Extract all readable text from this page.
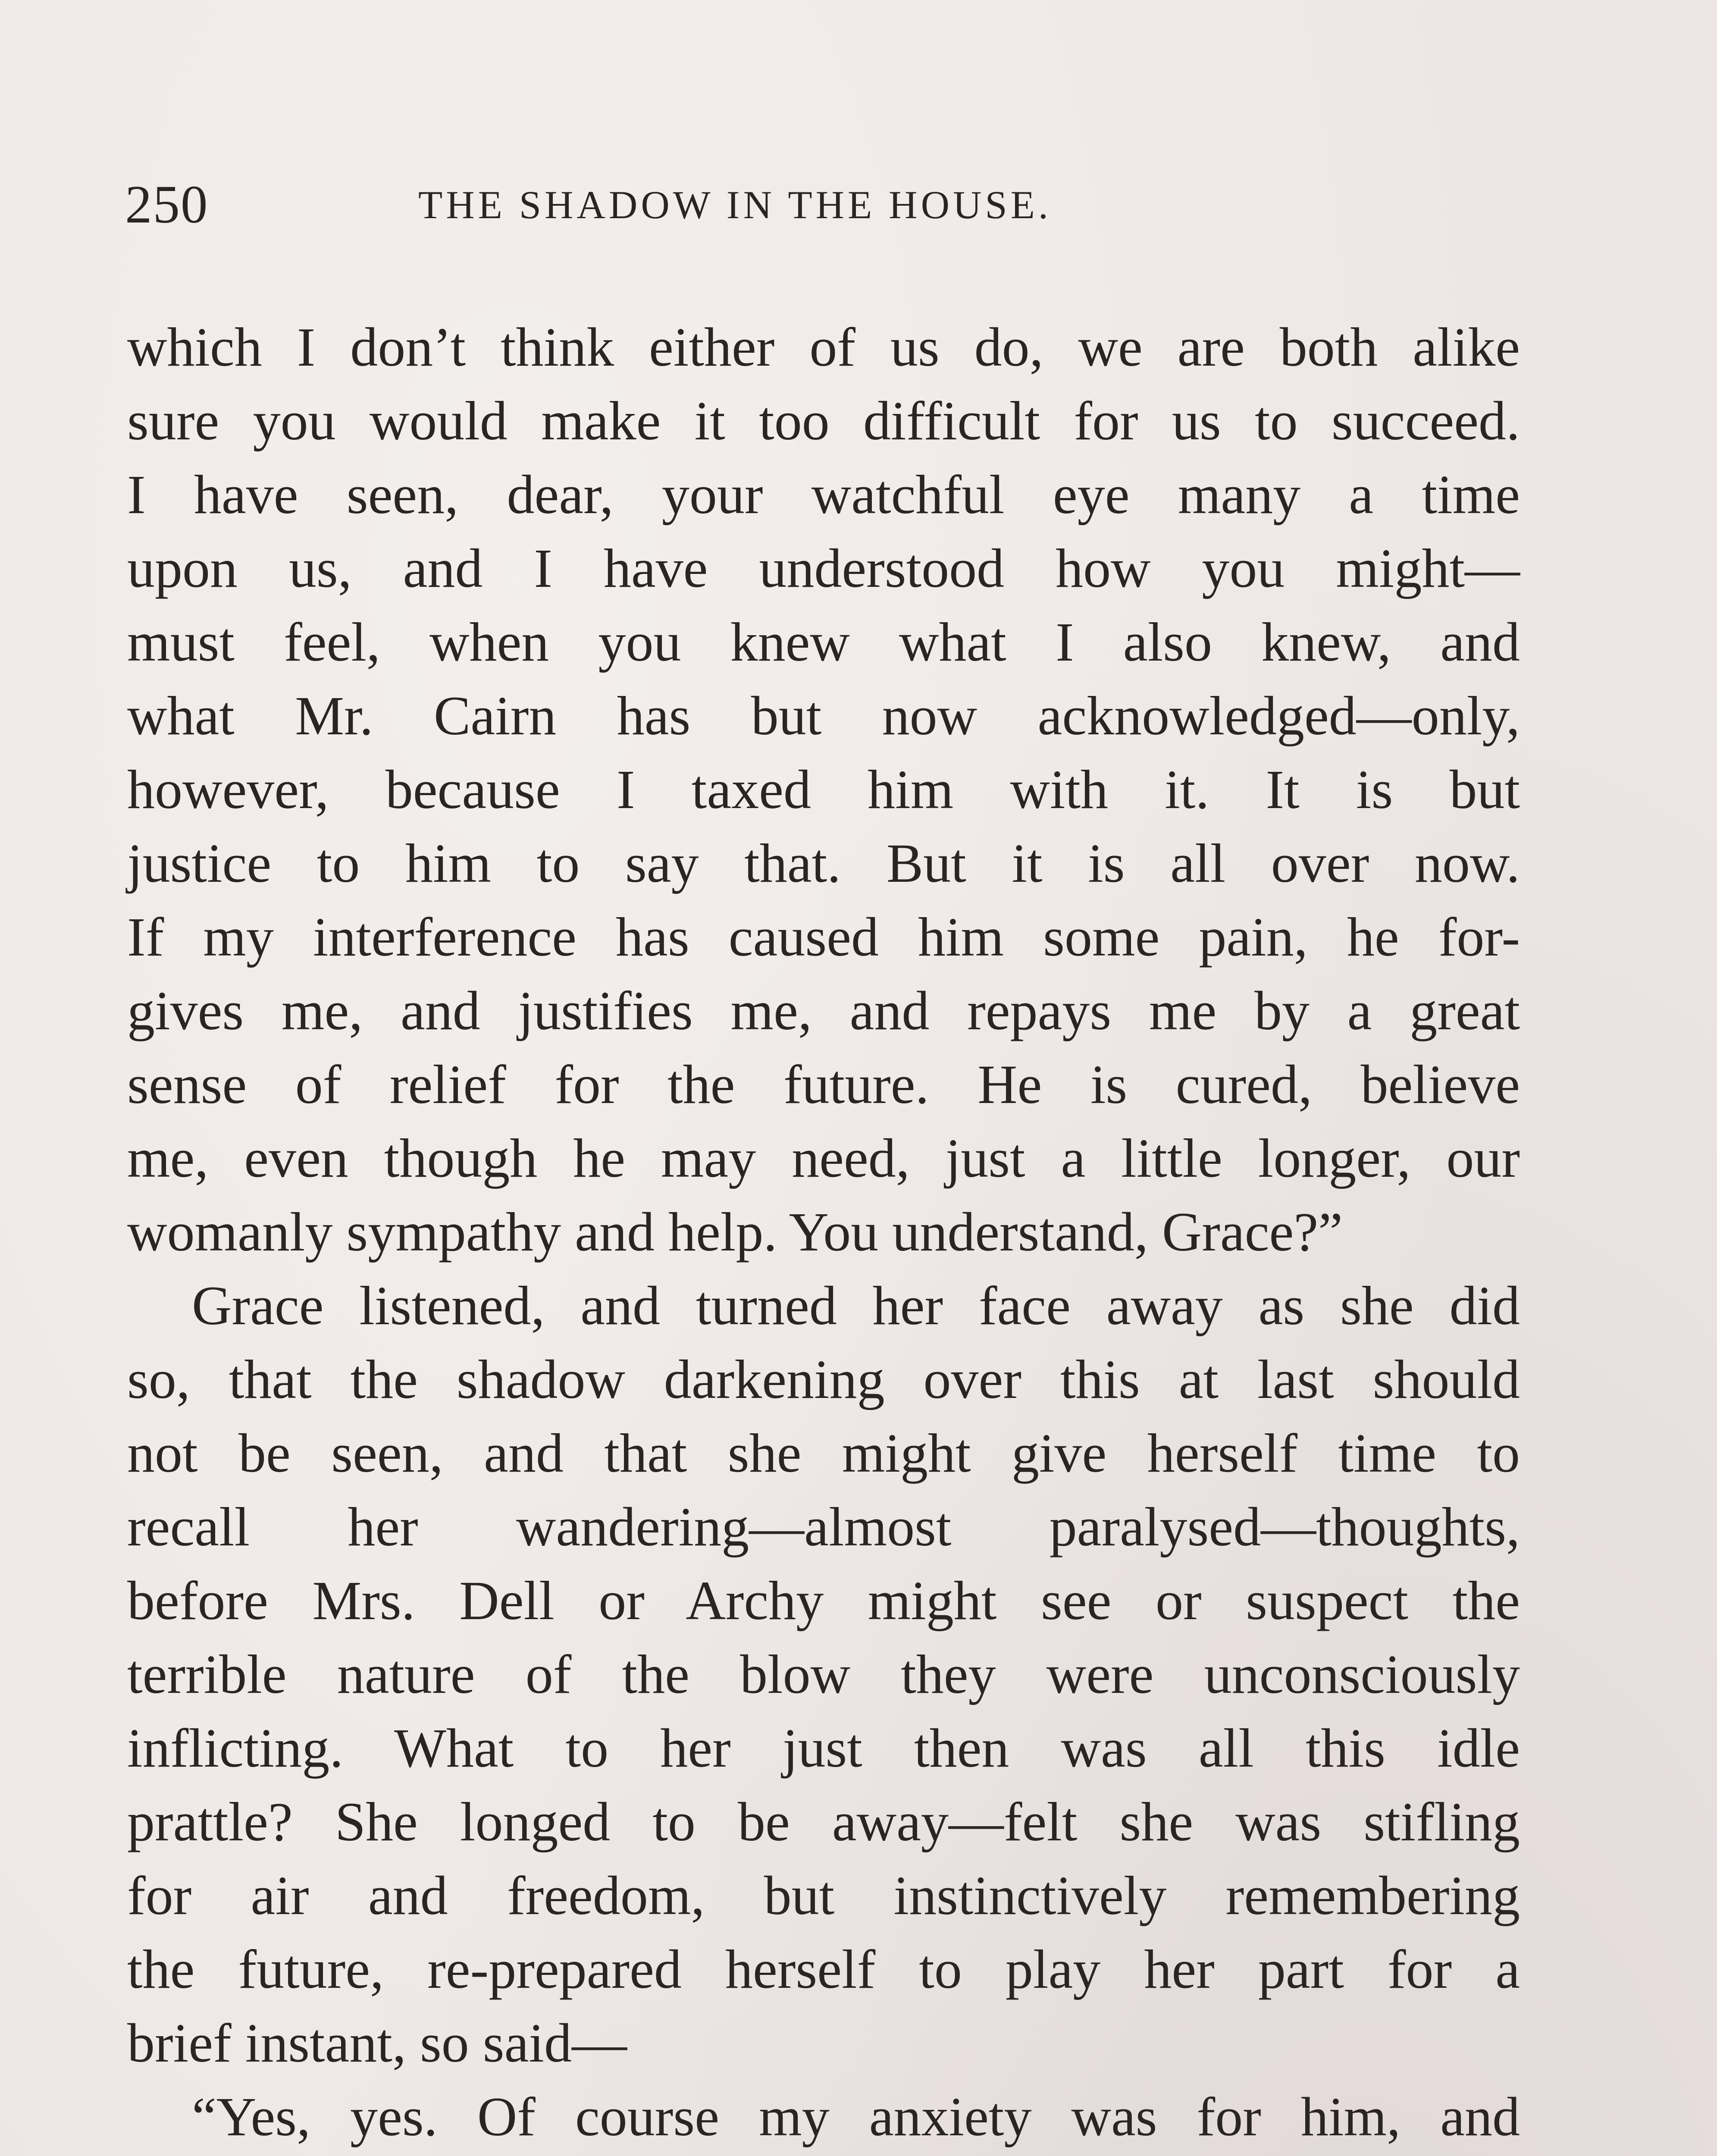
250	THE SHADOW IN THE HOUSE.
which I don’t think either of us do, we are both alike
sure you would make it too difficult for us to succeed.
I have seen, dear, your watchful eye many a time
upon us, and I have understood how you might—
must feel, when you knew what I also knew, and
what Mr. Cairn has but now acknowledged—only,
however, because I taxed him with it. It is but
justice to him to say that. But it is all over now.
If my interference has caused him some pain, he for-
gives me, and justifies me, and repays me by a great
sense of relief for the future. He is cured, believe
me, even though he may need, just a little longer, our
womanly sympathy and help. You understand, Grace?”
Grace listened, and turned her face away as she did
so, that the shadow darkening over this at last should
not be seen, and that she might give herself time to
recall her wandering—almost paralysed—thoughts,
before Mrs. Dell or Archy might see or suspect the
terrible nature of the blow they were unconsciously
inflicting. What to her just then was all this idle
prattle? She longed to be away—felt she was stifling
for air and freedom, but instinctively remembering
the future, re-prepared herself to play her part for a
brief instant, so said—
“Yes, yes. Of course my anxiety was for him, and
